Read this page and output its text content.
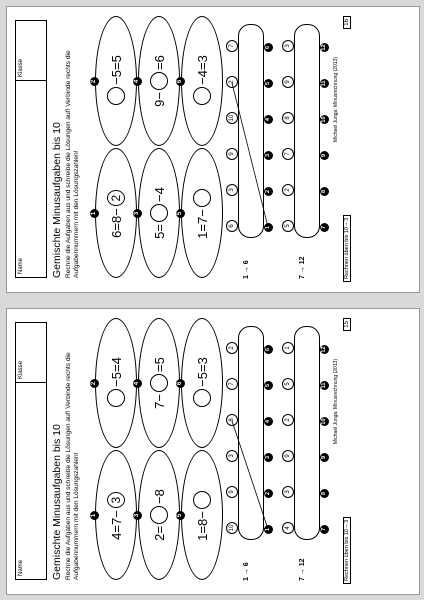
Name
Klasse
Gemischte Minusaufgaben bis 10 Rechne die Aufgaben aus und schreibe die Lösungen auf! Verbinde rechts die Aufgabennummern mit den Lösungszahlen! 6=8−
2
1
−5=5
2
5=
−4
3
9−
=6
4
1=7−
5
−4=3
6
1 → 6
6
3
9
10
2
7
1
2
3
4
5
6
7 → 12
5
2
7
8
9
3
7
8
9
10
11
12
Rechnen üben bis 10 – 3
16
Michael Junga: Minusrechnung (2013)
Name
Klasse
Gemischte Minusaufgaben bis 10 Rechne die Aufgaben aus und schreibe die Lösungen auf! Verbinde rechts die Aufgabennummern mit den Lösungszahlen! 4=7−
3
1
−5=4
2
2=
−8
3
7−
=5
4
1=8−
5
−5=3
6
1 → 6
10
9
3
8
7
2
1
2
3
4
5
6
7 → 12
4
3
9
2
5
1
7
8
9
10
11
12
Rechnen üben bis 10 – 3
15
Michael Junga: Minusrechnung (2013)
